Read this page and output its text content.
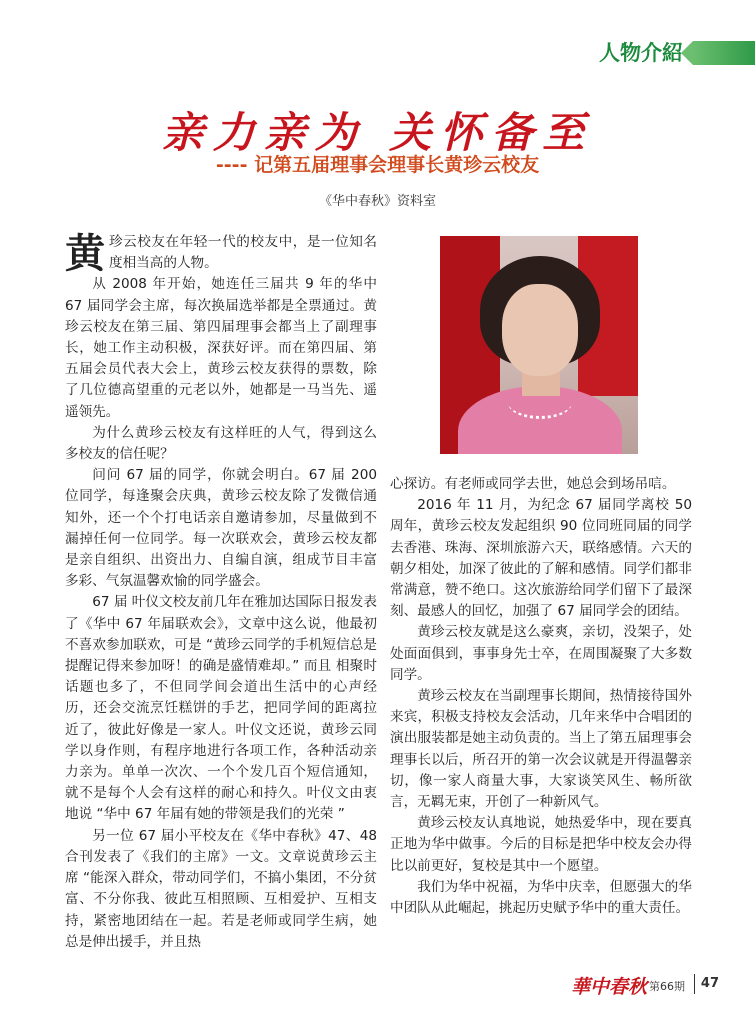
人物介紹
亲力亲为 关怀备至
---- 记第五届理事会理事长黄珍云校友
《华中春秋》资料室

黄珍云校友在年轻一代的校友中，是一位知名度相当高的人物。

从 2008 年开始，她连任三届共 9 年的华中 67 届同学会主席，每次换届选举都是全票通过。黄珍云校友在第三届、第四届理事会都当上了副理事长，她工作主动积极，深获好评。而在第四届、第五届会员代表大会上，黄珍云校友获得的票数，除了几位德高望重的元老以外，她都是一马当先、遥遥领先。

为什么黄珍云校友有这样旺的人气，得到这么多校友的信任呢？

问问 67 届的同学，你就会明白。67 届 200 位同学，每逢聚会庆典，黄珍云校友除了发微信通知外，还一个个打电话亲自邀请参加，尽量做到不漏掉任何一位同学。每一次联欢会，黄珍云校友都是亲自组织、出资出力、自编自演，组成节目丰富多彩、气氛温馨欢愉的同学盛会。

67 届 叶仪文校友前几年在雅加达国际日报发表了《华中 67 年届联欢会》，文章中这么说，他最初不喜欢参加联欢，可是 “黄珍云同学的手机短信总是提醒记得来参加呀！的确是盛情难却。” 而且 相聚时话题也多了，不但同学间会道出生活中的心声经历，还会交流烹饪糕饼的手艺，把同学间的距离拉近了，彼此好像是一家人。叶仪文还说，黄珍云同学以身作则，有程序地进行各项工作，各种活动亲力亲为。单单一次次、一个个发几百个短信通知，就不是每个人会有这样的耐心和持久。叶仪文由衷地说 “华中 67 年届有她的带领是我们的光荣 ”

另一位 67 届小平校友在《华中春秋》47、48 合刊发表了《我们的主席》一文。文章说黄珍云主席 “能深入群众，带动同学们，不搞小集团，不分贫富、不分你我、彼此互相照顾、互相爱护、互相支持，紧密地团结在一起。若是老师或同学生病，她总是伸出援手，并且热

心探访。有老师或同学去世，她总会到场吊唁。

2016 年 11 月，为纪念 67 届同学离校 50 周年，黄珍云校友发起组织 90 位同班同届的同学去香港、珠海、深圳旅游六天，联络感情。六天的朝夕相处，加深了彼此的了解和感情。同学们都非常满意，赞不绝口。这次旅游给同学们留下了最深刻、最感人的回忆，加强了 67 届同学会的团结。

黄珍云校友就是这么豪爽，亲切，没架子，处处面面俱到，事事身先士卒，在周围凝聚了大多数同学。

黄珍云校友在当副理事长期间，热情接待国外来宾，积极支持校友会活动，几年来华中合唱团的演出服装都是她主动负责的。当上了第五届理事会理事长以后，所召开的第一次会议就是开得温馨亲切，像一家人商量大事，大家谈笑风生、畅所欲言，无羁无束，开创了一种新风气。

黄珍云校友认真地说，她热爱华中，现在要真正地为华中做事。今后的目标是把华中校友会办得比以前更好，复校是其中一个愿望。

我们为华中祝福，为华中庆幸，但愿强大的华中团队从此崛起，挑起历史赋予华中的重大责任。

華中春秋 第66期 47
